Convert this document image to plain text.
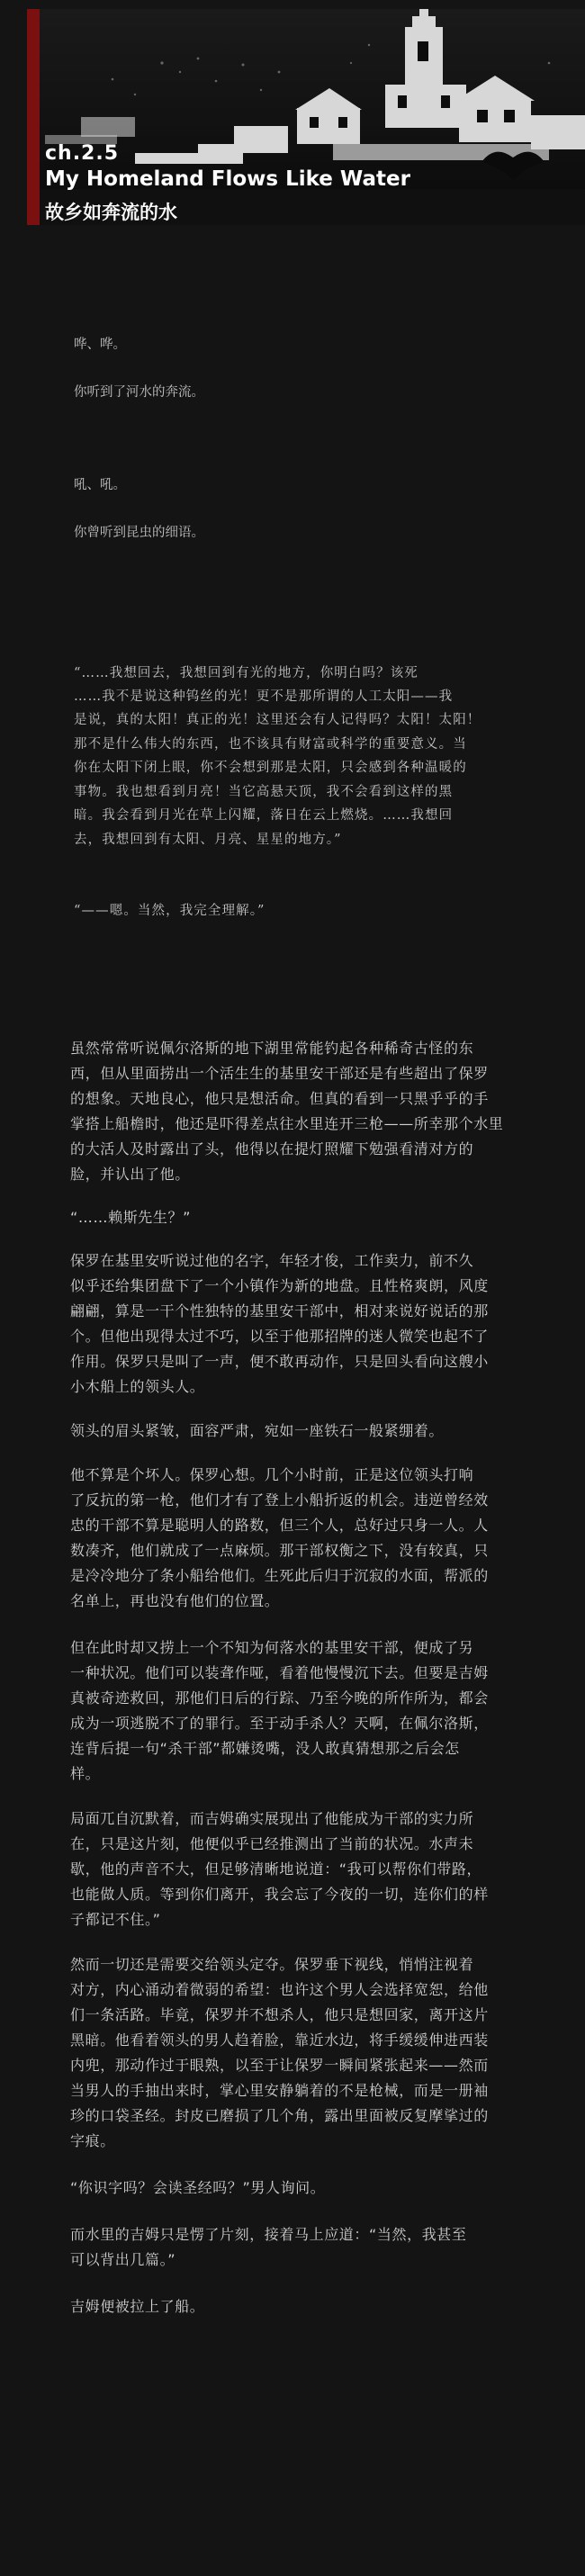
ch.2.5
My Homeland Flows Like Water
故乡如奔流的水
哗、哗。
你听到了河水的奔流。
吼、吼。
你曾听到昆虫的细语。
“……我想回去，我想回到有光的地方，你明白吗？该死
……我不是说这种钨丝的光！更不是那所谓的人工太阳——我
是说，真的太阳！真正的光！这里还会有人记得吗？太阳！太阳！
那不是什么伟大的东西，也不该具有财富或科学的重要意义。当
你在太阳下闭上眼，你不会想到那是太阳，只会感到各种温暖的
事物。我也想看到月亮！当它高悬天顶，我不会看到这样的黑
暗。我会看到月光在草上闪耀，落日在云上燃烧。……我想回
去，我想回到有太阳、月亮、星星的地方。”
“——嗯。当然，我完全理解。”
虽然常常听说佩尔洛斯的地下湖里常能钓起各种稀奇古怪的东
西，但从里面捞出一个活生生的基里安干部还是有些超出了保罗
的想象。天地良心，他只是想活命。但真的看到一只黑乎乎的手
掌搭上船檐时，他还是吓得差点往水里连开三枪——所幸那个水里
的大活人及时露出了头，他得以在提灯照耀下勉强看清对方的
脸，并认出了他。
“……赖斯先生？”
保罗在基里安听说过他的名字，年轻才俊，工作卖力，前不久
似乎还给集团盘下了一个小镇作为新的地盘。且性格爽朗，风度
翩翩，算是一干个性独特的基里安干部中，相对来说好说话的那
个。但他出现得太过不巧，以至于他那招牌的迷人微笑也起不了
作用。保罗只是叫了一声，便不敢再动作，只是回头看向这艘小
小木船上的领头人。
领头的眉头紧皱，面容严肃，宛如一座铁石一般紧绷着。
他不算是个坏人。保罗心想。几个小时前，正是这位领头打响
了反抗的第一枪，他们才有了登上小船折返的机会。违逆曾经效
忠的干部不算是聪明人的路数，但三个人，总好过只身一人。人
数凑齐，他们就成了一点麻烦。那干部权衡之下，没有较真，只
是冷冷地分了条小船给他们。生死此后归于沉寂的水面，帮派的
名单上，再也没有他们的位置。
但在此时却又捞上一个不知为何落水的基里安干部，便成了另
一种状况。他们可以装聋作哑，看着他慢慢沉下去。但要是吉姆
真被奇迹救回，那他们日后的行踪、乃至今晚的所作所为，都会
成为一项逃脱不了的罪行。至于动手杀人？天啊，在佩尔洛斯，
连背后提一句“杀干部”都嫌烫嘴，没人敢真猜想那之后会怎
样。
局面兀自沉默着，而吉姆确实展现出了他能成为干部的实力所
在，只是这片刻，他便似乎已经推测出了当前的状况。水声未
歇，他的声音不大，但足够清晰地说道：“我可以帮你们带路，
也能做人质。等到你们离开，我会忘了今夜的一切，连你们的样
子都记不住。”
然而一切还是需要交给领头定夺。保罗垂下视线，悄悄注视着
对方，内心涌动着微弱的希望：也许这个男人会选择宽恕，给他
们一条活路。毕竟，保罗并不想杀人，他只是想回家，离开这片
黑暗。他看着领头的男人趋着脸，靠近水边，将手缓缓伸进西装
内兜，那动作过于眼熟，以至于让保罗一瞬间紧张起来——然而
当男人的手抽出来时，掌心里安静躺着的不是枪械，而是一册袖
珍的口袋圣经。封皮已磨损了几个角，露出里面被反复摩挲过的
字痕。
“你识字吗？会读圣经吗？”男人询问。
而水里的吉姆只是愣了片刻，接着马上应道：“当然，我甚至
可以背出几篇。”
吉姆便被拉上了船。
